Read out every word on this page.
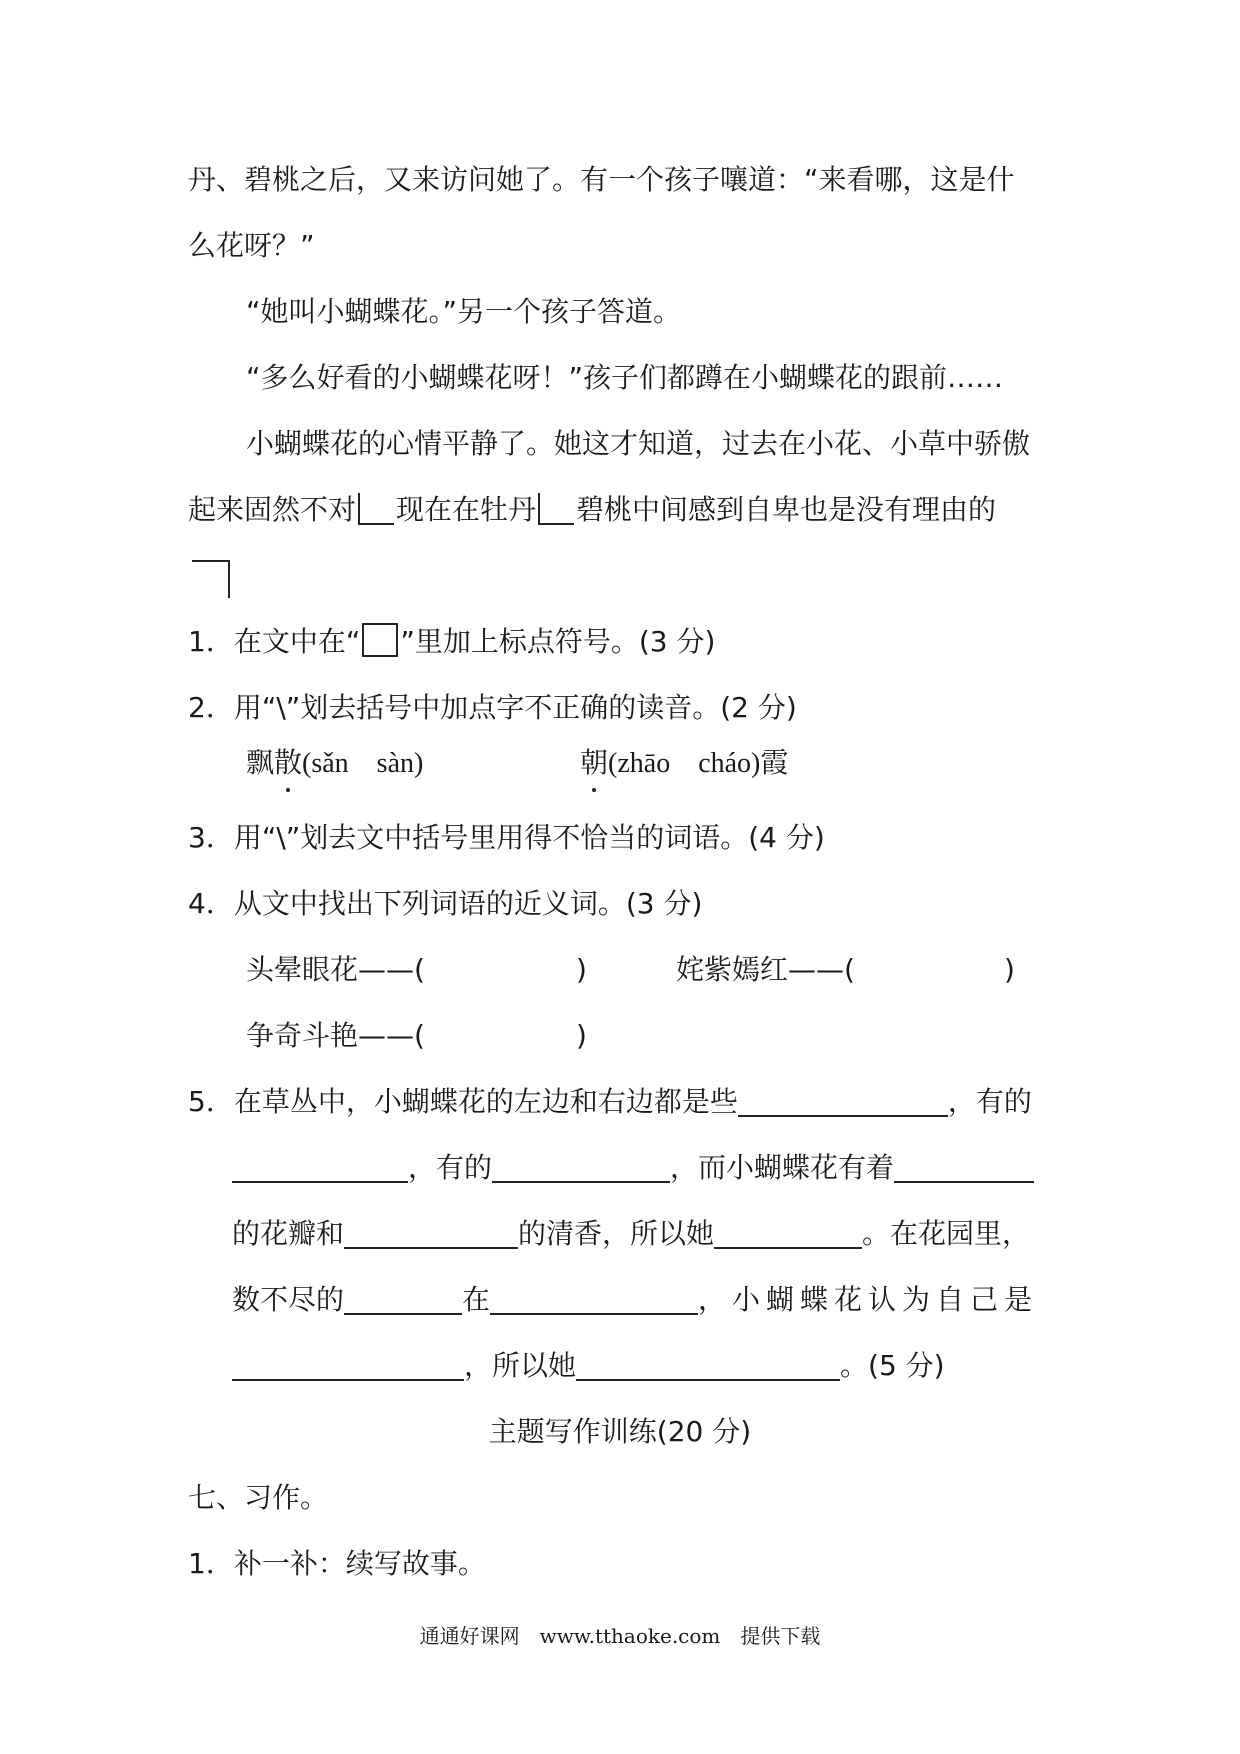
丹、碧桃之后，又来访问她了。有一个孩子嚷道：“来看哪，这是什
么花呀？”
“她叫小蝴蝶花。”另一个孩子答道。
“多么好看的小蝴蝶花呀！”孩子们都蹲在小蝴蝶花的跟前……
小蝴蝶花的心情平静了。她这才知道，过去在小花、小草中骄傲
起来固然不对 现在在牡丹 碧桃中间感到自卑也是没有理由的
1．在文中在“ ”里加上标点符号。(3 分)
2．用“\”划去括号中加点字不正确的读音。(2 分)
飘散(sǎn　sàn)	朝(zhāo　cháo)霞
3．用“\”划去文中括号里用得不恰当的词语。(4 分)
4．从文中找出下列词语的近义词。(3 分)
头晕眼花——(	)	姹紫嫣红——(	)
争奇斗艳——(	)
5．在草丛中，小蝴蝶花的左边和右边都是些	，有的
，有的	，而小蝴蝶花有着
的花瓣和	的清香，所以她	。在花园里，
数不尽的	在	，小蝴蝶花认为自己是
，所以她	。(5 分)
主题写作训练(20 分)
七、习作。
1．补一补：续写故事。
通通好课网　www.tthaoke.com　提供下载
